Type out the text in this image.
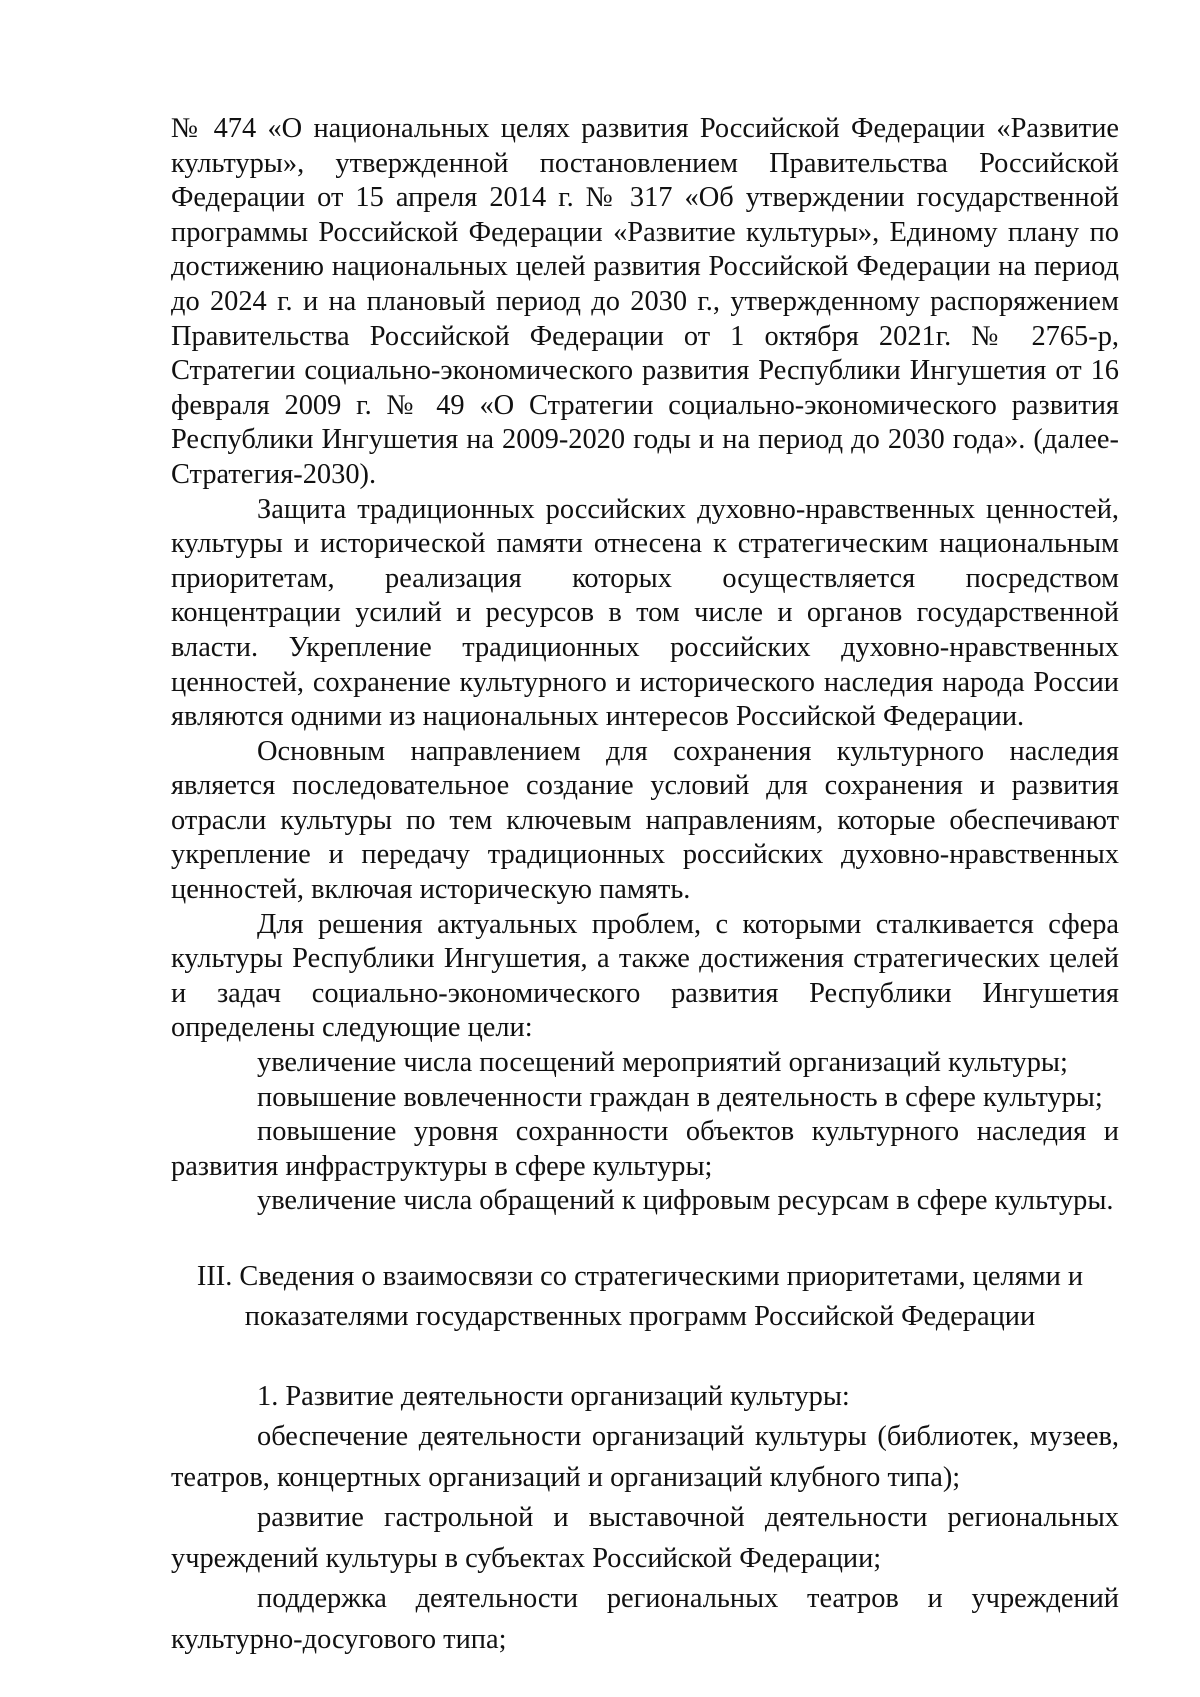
№ 474 «О национальных целях развития Российской Федерации «Развитие культуры», утвержденной постановлением Правительства Российской Федерации от 15 апреля 2014 г. № 317 «Об утверждении государственной программы Российской Федерации «Развитие культуры», Единому плану по достижению национальных целей развития Российской Федерации на период до 2024 г. и на плановый период до 2030 г., утвержденному распоряжением Правительства Российской Федерации от 1 октября 2021г. № 2765-р, Стратегии социально-экономического развития Республики Ингушетия от 16 февраля 2009 г. № 49 «О Стратегии социально-экономического развития Республики Ингушетия на 2009-2020 годы и на период до 2030 года». (далее-Стратегия-2030).

Защита традиционных российских духовно-нравственных ценностей, культуры и исторической памяти отнесена к стратегическим национальным приоритетам, реализация которых осуществляется посредством концентрации усилий и ресурсов в том числе и органов государственной власти. Укрепление традиционных российских духовно-нравственных ценностей, сохранение культурного и исторического наследия народа России являются одними из национальных интересов Российской Федерации.

Основным направлением для сохранения культурного наследия является последовательное создание условий для сохранения и развития отрасли культуры по тем ключевым направлениям, которые обеспечивают укрепление и передачу традиционных российских духовно-нравственных ценностей, включая историческую память.

Для решения актуальных проблем, с которыми сталкивается сфера культуры Республики Ингушетия, а также достижения стратегических целей и задач социально-экономического развития Республики Ингушетия определены следующие цели:

увеличение числа посещений мероприятий организаций культуры;

повышение вовлеченности граждан в деятельность в сфере культуры;

повышение уровня сохранности объектов культурного наследия и развития инфраструктуры в сфере культуры;

увеличение числа обращений к цифровым ресурсам в сфере культуры.

III. Сведения о взаимосвязи со стратегическими приоритетами, целями и показателями государственных программ Российской Федерации

1. Развитие деятельности организаций культуры:

обеспечение деятельности организаций культуры (библиотек, музеев, театров, концертных организаций и организаций клубного типа);

развитие гастрольной и выставочной деятельности региональных учреждений культуры в субъектах Российской Федерации;

поддержка деятельности региональных театров и учреждений культурно-досугового типа;
